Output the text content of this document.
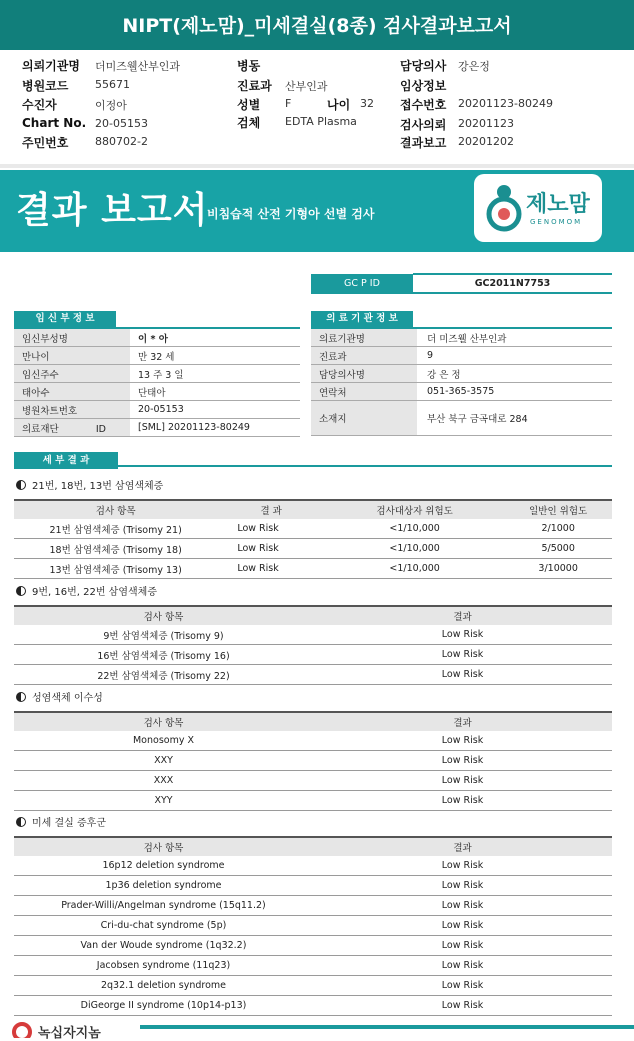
NIPT(제노맘)_미세결실(8종) 검사결과보고서
의뢰기관명 더미즈웰산부인과
병원코드 55671
수진자	이정아
Chart No. 20-05153
주민번호 880702-2
병동
진료과 산부인과
성별 F	나이 32
검체 EDTA Plasma
담당의사 강은정
임상정보
접수번호 20201123-80249
검사의뢰 20201123
결과보고 20201202
결과 보고서
비침습적 산전 기형아 선별 검사	제노맘
GENOMOM
GC P ID	GC2011N7753
임 신 부 정 보	
임신부성명	이 * 아
만나이	만 32 세
임신주수	13 주 3 일
태아수	단태아
병원차트번호	20-05153
의료재단 ID	[SML] 20201123-80249
의 료 기 관 정 보	
의료기관명	더 미즈웰 산부인과
진료과	9
담당의사명	강 은 정
연락처	051-365-3575
소재지	부산 북구 금곡대로 284
세 부 결 과
21번, 18번, 13번 삼염색체증
검사 항목	결 과	검사대상자 위험도	일반인 위험도
21번 삼염색체증 (Trisomy 21)	Low Risk	<1/10,000	2/1000
18번 삼염색체증 (Trisomy 18)	Low Risk	<1/10,000	5/5000
13번 삼염색체증 (Trisomy 13)	Low Risk	<1/10,000	3/10000
9번, 16번, 22번 삼염색체증
검사 항목	결과
9번 삼염색체증 (Trisomy 9)	Low Risk
16번 삼염색체증 (Trisomy 16)	Low Risk
22번 삼염색체증 (Trisomy 22)	Low Risk
성염색체 이수성
검사 항목	결과
Monosomy X	Low Risk
XXY	Low Risk
XXX	Low Risk
XYY	Low Risk
미세 결실 증후군
검사 항목	결과
16p12 deletion syndrome	Low Risk
1p36 deletion syndrome	Low Risk
Prader-Willi/Angelman syndrome (15q11.2)	Low Risk
Cri-du-chat syndrome (5p)	Low Risk
Van der Woude syndrome (1q32.2)	Low Risk
Jacobsen syndrome (11q23)	Low Risk
2q32.1 deletion syndrome	Low Risk
DiGeorge II syndrome (10p14-p13)	Low Risk
녹십자지놈
